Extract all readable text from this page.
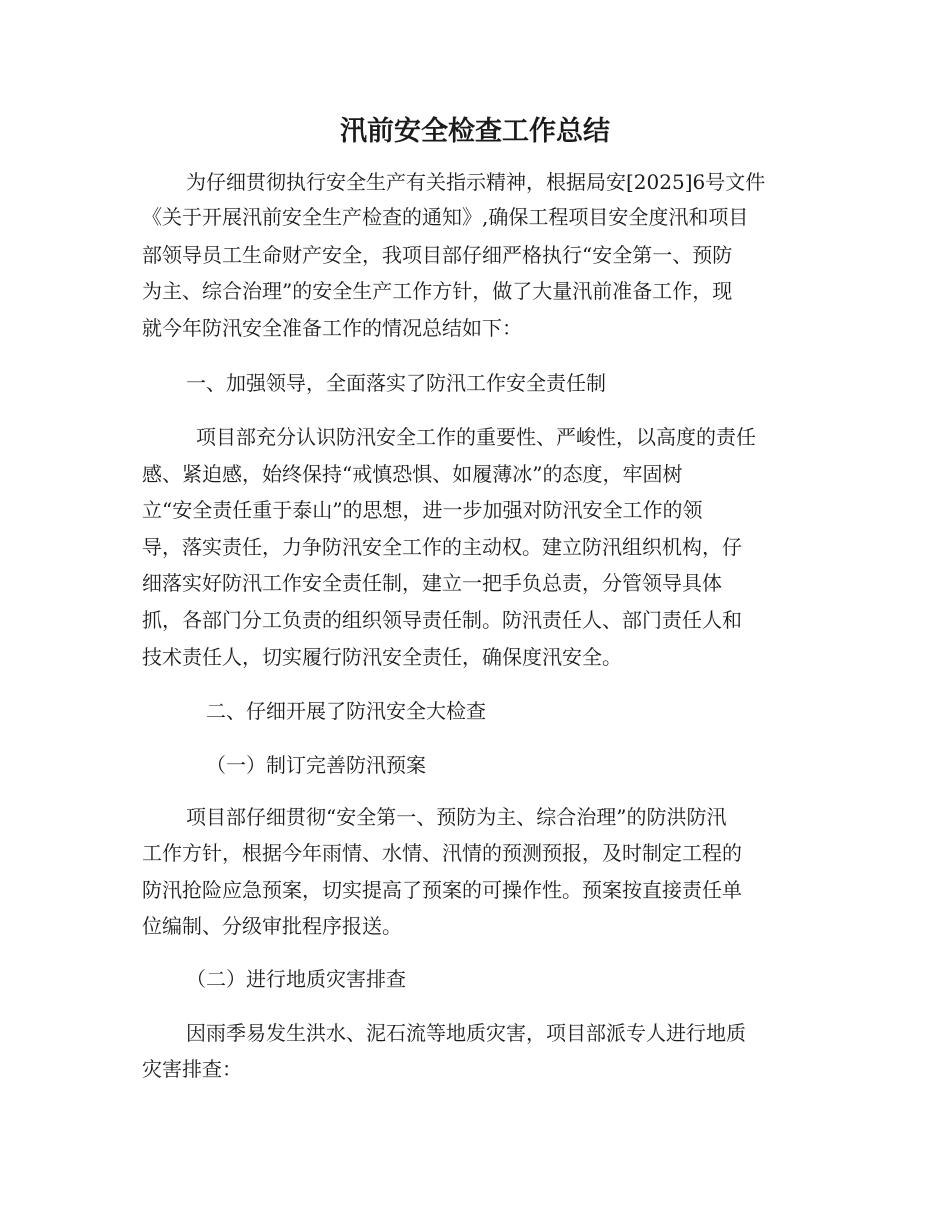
汛前安全检查工作总结

为仔细贯彻执行安全生产有关指示精神，根据局安[2025]6号文件

《关于开展汛前安全生产检查的通知》,确保工程项目安全度汛和项目

部领导员工生命财产安全，我项目部仔细严格执行“安全第一、预防

为主、综合治理”的安全生产工作方针，做了大量汛前准备工作，现

就今年防汛安全准备工作的情况总结如下：

一、加强领导，全面落实了防汛工作安全责任制

项目部充分认识防汛安全工作的重要性、严峻性，以高度的责任

感、紧迫感，始终保持“戒慎恐惧、如履薄冰”的态度，牢固树

立“安全责任重于泰山”的思想，进一步加强对防汛安全工作的领

导，落实责任，力争防汛安全工作的主动权。建立防汛组织机构，仔

细落实好防汛工作安全责任制，建立一把手负总责，分管领导具体

抓，各部门分工负责的组织领导责任制。防汛责任人、部门责任人和

技术责任人，切实履行防汛安全责任，确保度汛安全。

二、仔细开展了防汛安全大检查

（一）制订完善防汛预案

项目部仔细贯彻“安全第一、预防为主、综合治理”的防洪防汛

工作方针，根据今年雨情、水情、汛情的预测预报，及时制定工程的

防汛抢险应急预案，切实提高了预案的可操作性。预案按直接责任单

位编制、分级审批程序报送。

（二）进行地质灾害排查

因雨季易发生洪水、泥石流等地质灾害，项目部派专人进行地质

灾害排查：
